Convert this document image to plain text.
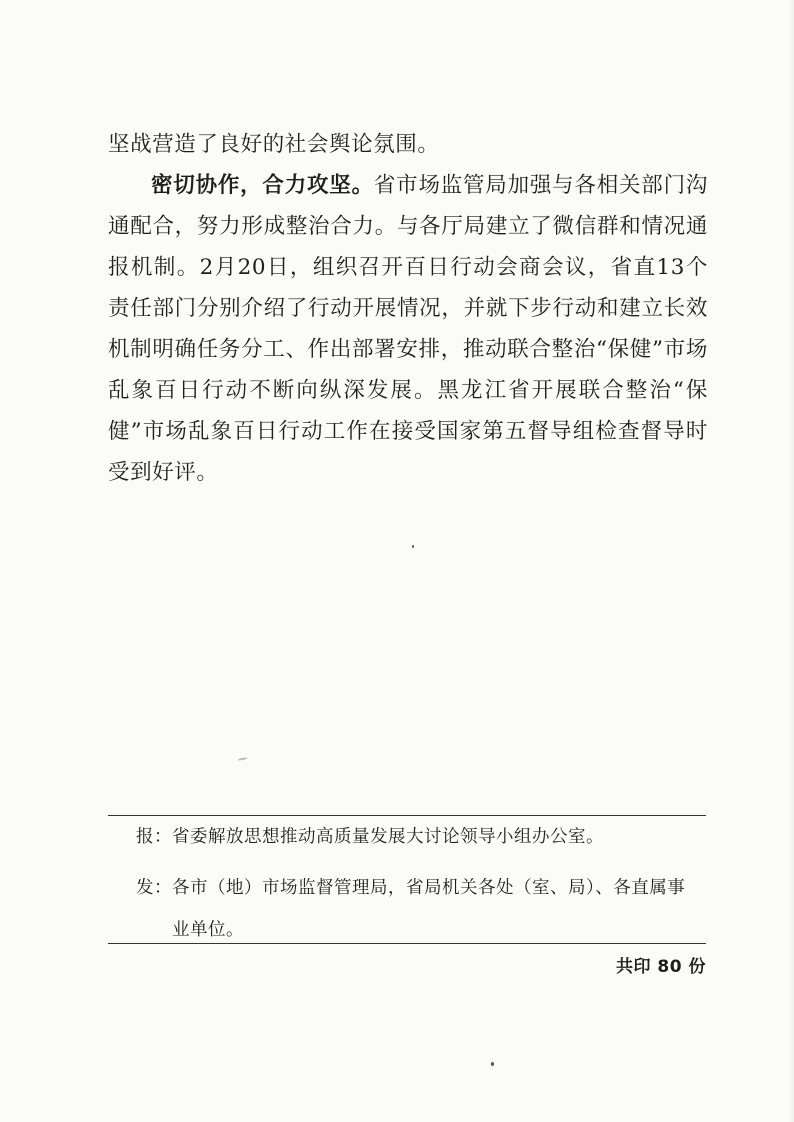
坚战营造了良好的社会舆论氛围。

密切协作，合力攻坚。省市场监管局加强与各相关部门沟通配合，努力形成整治合力。与各厅局建立了微信群和情况通报机制。2月20日，组织召开百日行动会商会议，省直13个责任部门分别介绍了行动开展情况，并就下步行动和建立长效机制明确任务分工、作出部署安排，推动联合整治“保健”市场乱象百日行动不断向纵深发展。黑龙江省开展联合整治“保健”市场乱象百日行动工作在接受国家第五督导组检查督导时受到好评。

报：省委解放思想推动高质量发展大讨论领导小组办公室。
发：各市（地）市场监督管理局，省局机关各处（室、局）、各直属事
业单位。
共印 80 份
